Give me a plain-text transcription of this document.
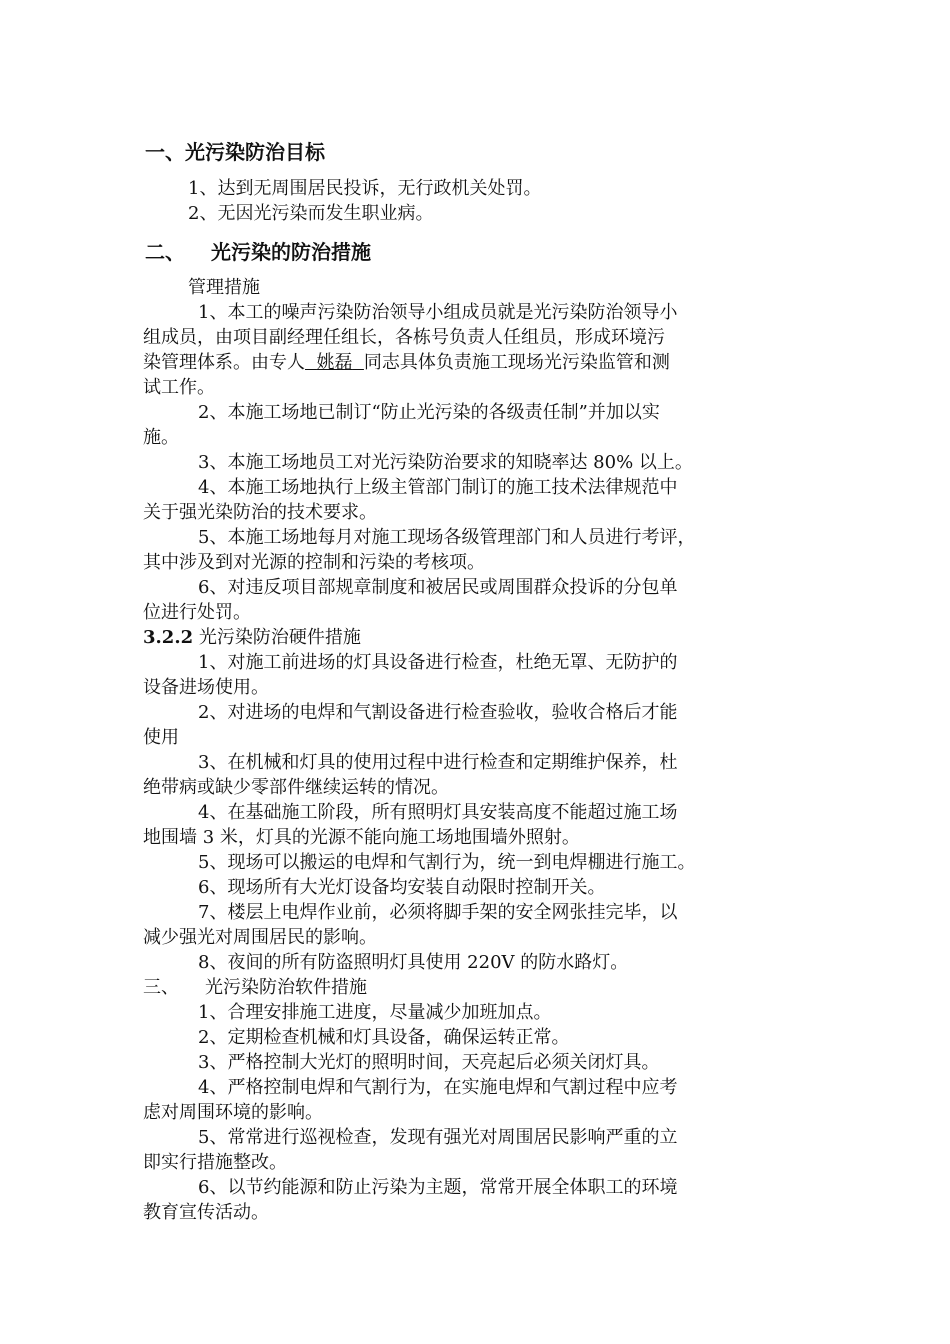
一、光污染防治目标
1、达到无周围居民投诉，无行政机关处罚。
2、无因光污染而发生职业病。
二、 光污染的防治措施
管理措施
1、本工的噪声污染防治领导小组成员就是光污染防治领导小
组成员，由项目副经理任组长，各栋号负责人任组员，形成环境污
染管理体系。由专人 姚磊 同志具体负责施工现场光污染监管和测
试工作。
2、本施工场地已制订“防止光污染的各级责任制”并加以实
施。
3、本施工场地员工对光污染防治要求的知晓率达 80% 以上。
4、本施工场地执行上级主管部门制订的施工技术法律规范中
关于强光染防治的技术要求。
5、本施工场地每月对施工现场各级管理部门和人员进行考评，
其中涉及到对光源的控制和污染的考核项。
6、对违反项目部规章制度和被居民或周围群众投诉的分包单
位进行处罚。
3.2.2 光污染防治硬件措施
1、对施工前进场的灯具设备进行检查，杜绝无罩、无防护的
设备进场使用。
2、对进场的电焊和气割设备进行检查验收，验收合格后才能
使用
3、在机械和灯具的使用过程中进行检查和定期维护保养，杜
绝带病或缺少零部件继续运转的情况。
4、在基础施工阶段，所有照明灯具安装高度不能超过施工场
地围墙 3 米，灯具的光源不能向施工场地围墙外照射。
5、现场可以搬运的电焊和气割行为，统一到电焊棚进行施工。
6、现场所有大光灯设备均安装自动限时控制开关。
7、楼层上电焊作业前，必须将脚手架的安全网张挂完毕，以
减少强光对周围居民的影响。
8、夜间的所有防盗照明灯具使用 220V 的防水路灯。
三、 光污染防治软件措施
1、合理安排施工进度，尽量减少加班加点。
2、定期检查机械和灯具设备，确保运转正常。
3、严格控制大光灯的照明时间，天亮起后必须关闭灯具。
4、严格控制电焊和气割行为，在实施电焊和气割过程中应考
虑对周围环境的影响。
5、常常进行巡视检查，发现有强光对周围居民影响严重的立
即实行措施整改。
6、以节约能源和防止污染为主题，常常开展全体职工的环境
教育宣传活动。
